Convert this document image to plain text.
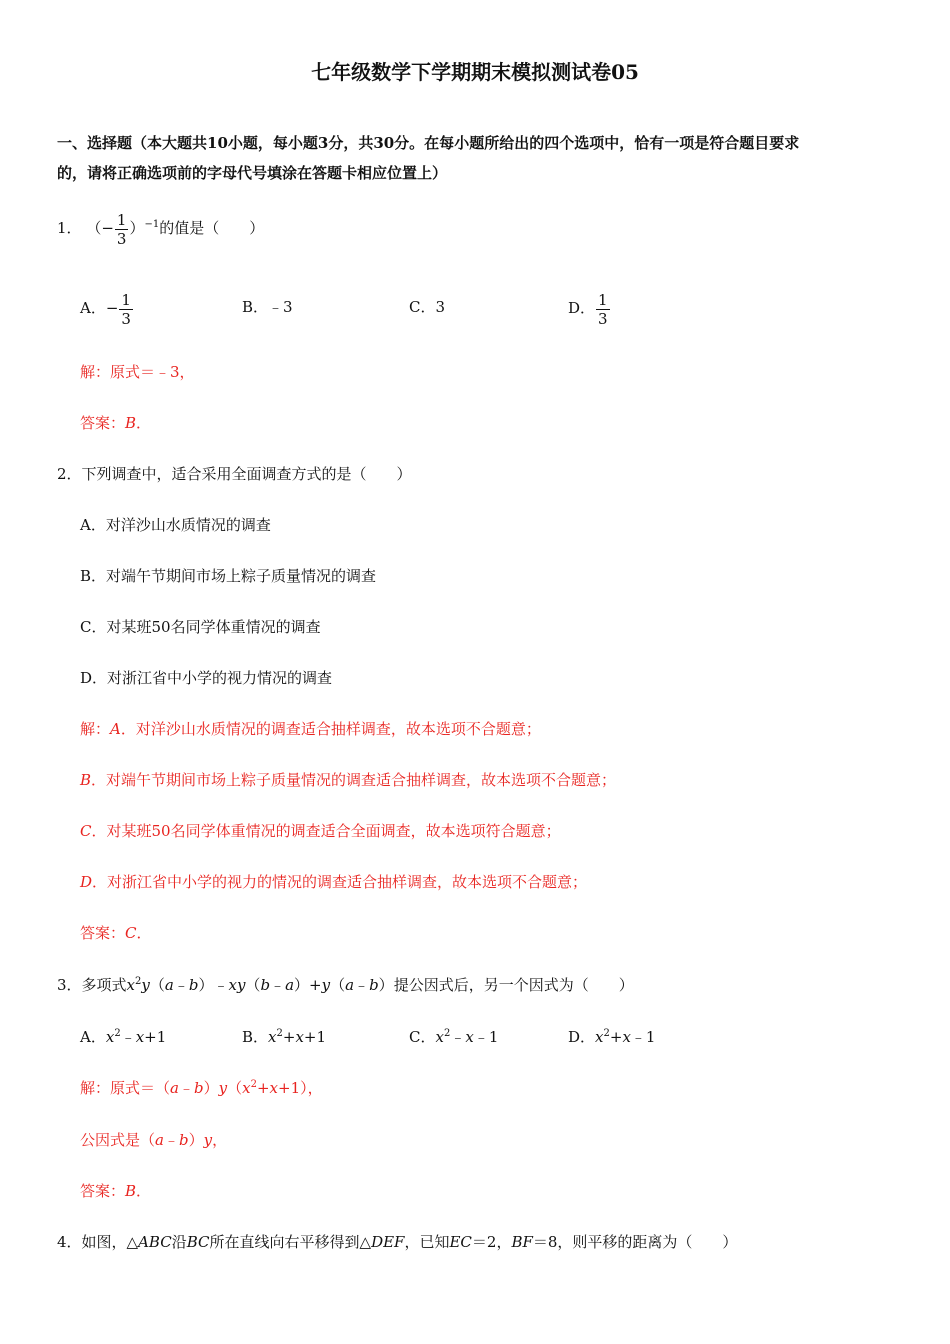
七年级数学下学期期末模拟测试卷05
一、选择题（本大题共10小题，每小题3分，共30分。在每小题所给出的四个选项中，恰有一项是符合题目要求
的，请将正确选项前的字母代号填涂在答题卡相应位置上）
1． （− $\frac{1}{3} )^{-1}$的值是（　　）
A．− $\frac{1}{3}$	B．﹣3	C．3	D． $\frac{1}{3}$
解：原式＝﹣3，
答案：B．
2．下列调查中，适合采用全面调查方式的是（　　）
A．对洋沙山水质情况的调查
B．对端午节期间市场上粽子质量情况的调查
C．对某班50名同学体重情况的调查
D．对浙江省中小学的视力情况的调查
解：A．对洋沙山水质情况的调查适合抽样调查，故本选项不合题意；
B．对端午节期间市场上粽子质量情况的调查适合抽样调查，故本选项不合题意；
C．对某班50名同学体重情况的调查适合全面调查，故本选项符合题意；
D．对浙江省中小学的视力的情况的调查适合抽样调查，故本选项不合题意；
答案：C．
3．多项式$x^2y(a﹣b)﹣xy(b﹣a)+y(a﹣b)$提公因式后，另一个因式为（　　）
A．$x^2﹣x+1$	B．$x^2+x+1$	C．$x^2﹣x﹣1$	D．$x^2+x﹣1$
解：原式$=(a﹣b)y(x^2+x+1)$，
公因式是（a﹣b）y，
答案：B．
4．如图，△ABC沿BC所在直线向右平移得到△DEF，已知EC＝2，BF＝8，则平移的距离为（　　）
